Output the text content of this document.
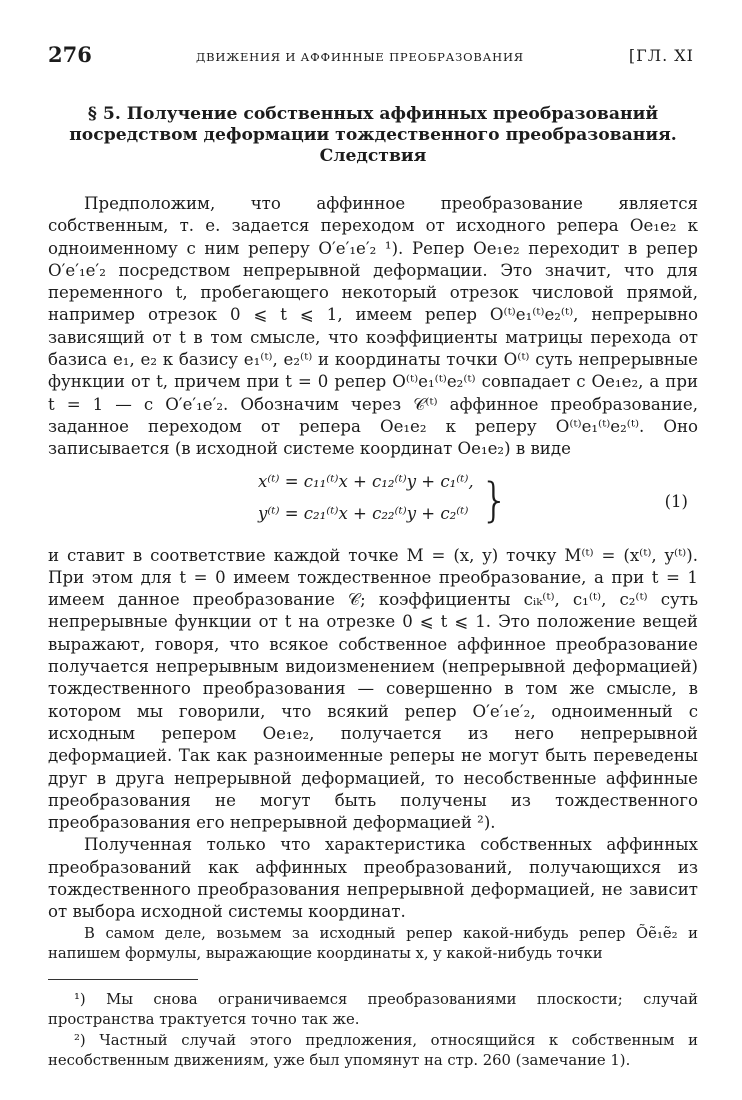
276	ДВИЖЕНИЯ И АФФИННЫЕ ПРЕОБРАЗОВАНИЯ	[ГЛ. XI
§ 5. Получение собственных аффинных преобразований посредством деформации тождественного преобразования. Следствия

Предположим, что аффинное преобразование является собственным, т. е. задается переходом от исходного репера Oe₁e₂ к одноименному с ним реперу O′e′₁e′₂ ¹). Репер Oe₁e₂ переходит в репер O′e′₁e′₂ посредством непрерывной деформации. Это значит, что для переменного t, пробегающего некоторый отрезок числовой прямой, например отрезок 0 ⩽ t ⩽ 1, имеем репер O⁽ᵗ⁾e₁⁽ᵗ⁾e₂⁽ᵗ⁾, непрерывно зависящий от t в том смысле, что коэффициенты матрицы перехода от базиса e₁, e₂ к базису e₁⁽ᵗ⁾, e₂⁽ᵗ⁾ и координаты точки O⁽ᵗ⁾ суть непрерывные функции от t, причем при t = 0 репер O⁽ᵗ⁾e₁⁽ᵗ⁾e₂⁽ᵗ⁾ совпадает с Oe₁e₂, а при t = 1 — с O′e′₁e′₂. Обозначим через 𝒞⁽ᵗ⁾ аффинное преобразование, заданное переходом от репера Oe₁e₂ к реперу O⁽ᵗ⁾e₁⁽ᵗ⁾e₂⁽ᵗ⁾. Оно записывается (в исходной системе координат Oe₁e₂) в виде

x⁽ᵗ⁾ = c₁₁⁽ᵗ⁾x + c₁₂⁽ᵗ⁾y + c₁⁽ᵗ⁾,
y⁽ᵗ⁾ = c₂₁⁽ᵗ⁾x + c₂₂⁽ᵗ⁾y + c₂⁽ᵗ⁾ }	(1)

и ставит в соответствие каждой точке M = (x, y) точку M⁽ᵗ⁾ = (x⁽ᵗ⁾, y⁽ᵗ⁾). При этом для t = 0 имеем тождественное преобразование, а при t = 1 имеем данное преобразование 𝒞; коэффициенты cᵢₖ⁽ᵗ⁾, c₁⁽ᵗ⁾, c₂⁽ᵗ⁾ суть непрерывные функции от t на отрезке 0 ⩽ t ⩽ 1. Это положение вещей выражают, говоря, что всякое собственное аффинное преобразование получается непрерывным видоизменением (непрерывной деформацией) тождественного преобразования — совершенно в том же смысле, в котором мы говорили, что всякий репер O′e′₁e′₂, одноименный с исходным репером Oe₁e₂, получается из него непрерывной деформацией. Так как разноименные реперы не могут быть переведены друг в друга непрерывной деформацией, то несобственные аффинные преобразования не могут быть получены из тождественного преобразования его непрерывной деформацией ²).

Полученная только что характеристика собственных аффинных преобразований как аффинных преобразований, получающихся из тождественного преобразования непрерывной деформацией, не зависит от выбора исходной системы координат.

В самом деле, возьмем за исходный репер какой-нибудь репер Õẽ₁ẽ₂ и напишем формулы, выражающие координаты x, y какой-нибудь точки

¹) Мы снова ограничиваемся преобразованиями плоскости; случай пространства трактуется точно так же.

²) Частный случай этого предложения, относящийся к собственным и несобственным движениям, уже был упомянут на стр. 260 (замечание 1).
